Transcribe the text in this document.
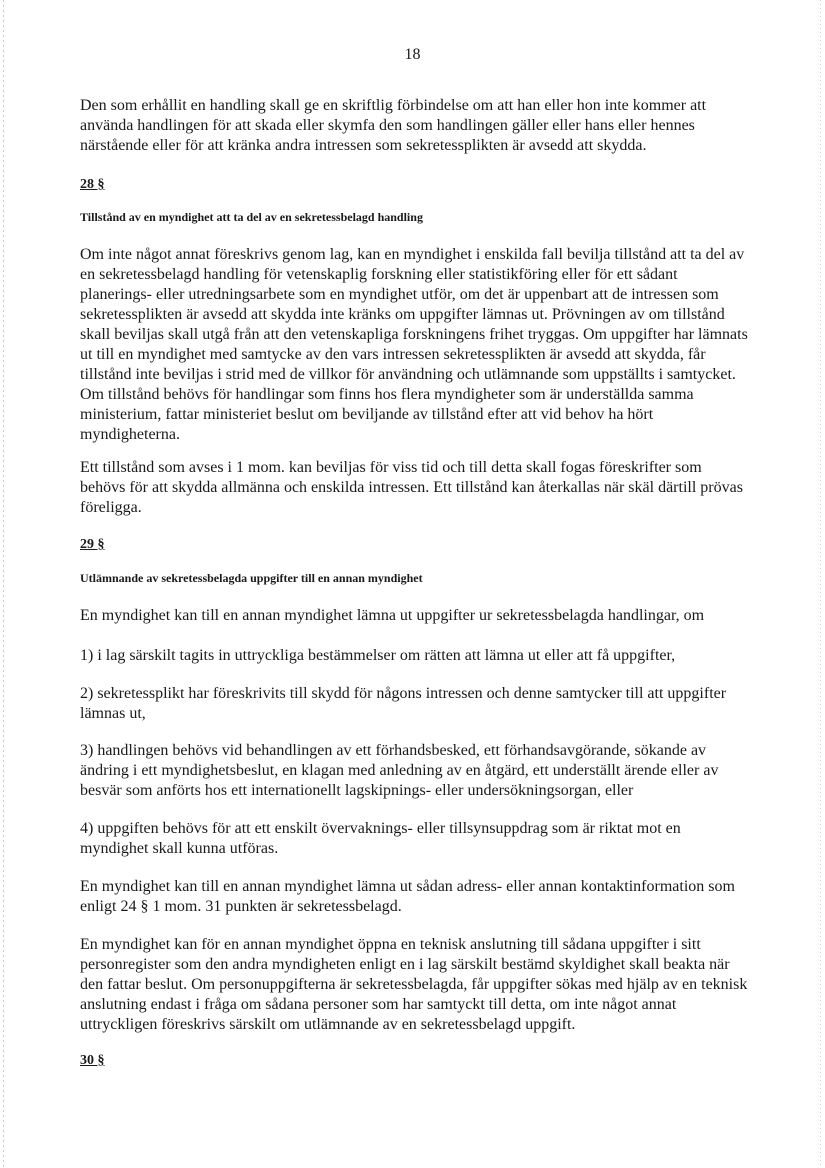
18

Den som erhållit en handling skall ge en skriftlig förbindelse om att han eller hon inte kommer att använda handlingen för att skada eller skymfa den som handlingen gäller eller hans eller hennes närstående eller för att kränka andra intressen som sekretessplikten är avsedd att skydda.

28 §
Tillstånd av en myndighet att ta del av en sekretessbelagd handling

Om inte något annat föreskrivs genom lag, kan en myndighet i enskilda fall bevilja tillstånd att ta del av en sekretessbelagd handling för vetenskaplig forskning eller statistikföring eller för ett sådant planerings- eller utredningsarbete som en myndighet utför, om det är uppenbart att de intressen som sekretessplikten är avsedd att skydda inte kränks om uppgifter lämnas ut. Prövningen av om tillstånd skall beviljas skall utgå från att den vetenskapliga forskningens frihet tryggas. Om uppgifter har lämnats ut till en myndighet med samtycke av den vars intressen sekretessplikten är avsedd att skydda, får tillstånd inte beviljas i strid med de villkor för användning och utlämnande som uppställts i samtycket. Om tillstånd behövs för handlingar som finns hos flera myndigheter som är underställda samma ministerium, fattar ministeriet beslut om beviljande av tillstånd efter att vid behov ha hört myndigheterna.

Ett tillstånd som avses i 1 mom. kan beviljas för viss tid och till detta skall fogas föreskrifter som behövs för att skydda allmänna och enskilda intressen. Ett tillstånd kan återkallas när skäl därtill prövas föreligga.

29 §
Utlämnande av sekretessbelagda uppgifter till en annan myndighet

En myndighet kan till en annan myndighet lämna ut uppgifter ur sekretessbelagda handlingar, om

1) i lag särskilt tagits in uttryckliga bestämmelser om rätten att lämna ut eller att få uppgifter,

2) sekretessplikt har föreskrivits till skydd för någons intressen och denne samtycker till att uppgifter lämnas ut,

3) handlingen behövs vid behandlingen av ett förhandsbesked, ett förhandsavgörande, sökande av ändring i ett myndighetsbeslut, en klagan med anledning av en åtgärd, ett underställt ärende eller av besvär som anförts hos ett internationellt lagskipnings- eller undersökningsorgan, eller

4) uppgiften behövs för att ett enskilt övervaknings- eller tillsynsuppdrag som är riktat mot en myndighet skall kunna utföras.

En myndighet kan till en annan myndighet lämna ut sådan adress- eller annan kontaktinformation som enligt 24 § 1 mom. 31 punkten är sekretessbelagd.

En myndighet kan för en annan myndighet öppna en teknisk anslutning till sådana uppgifter i sitt personregister som den andra myndigheten enligt en i lag särskilt bestämd skyldighet skall beakta när den fattar beslut. Om personuppgifterna är sekretessbelagda, får uppgifter sökas med hjälp av en teknisk anslutning endast i fråga om sådana personer som har samtyckt till detta, om inte något annat uttryckligen föreskrivs särskilt om utlämnande av en sekretessbelagd uppgift.

30 §
